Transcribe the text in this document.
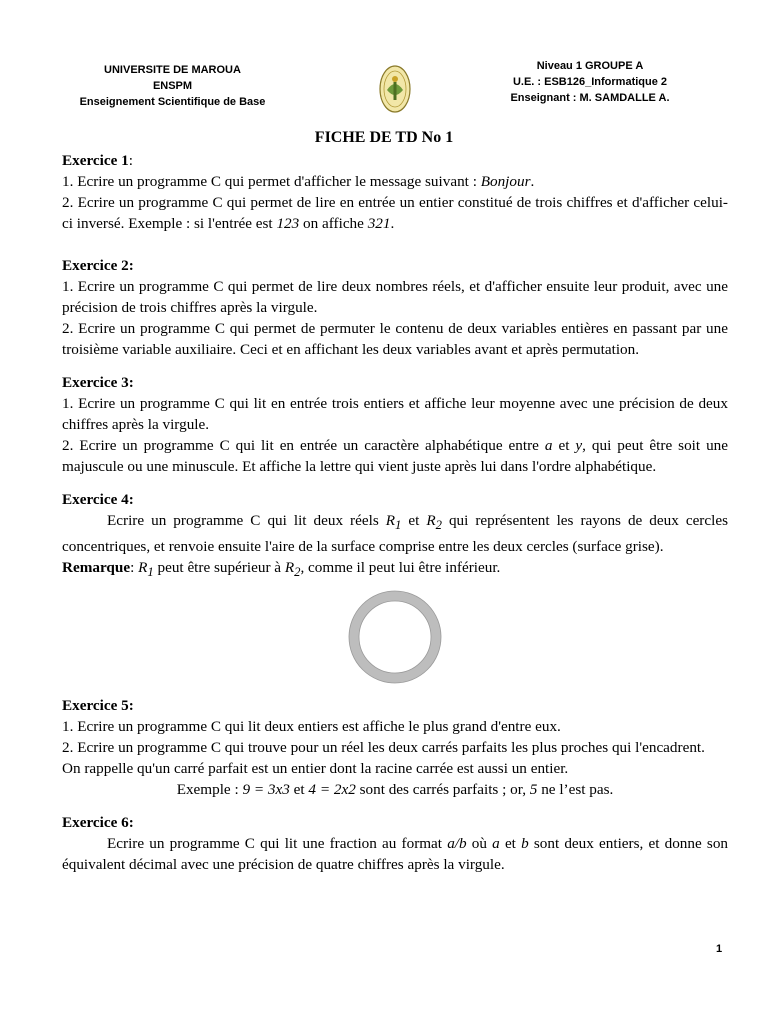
UNIVERSITE DE MAROUA
ENSPM
Enseignement Scientifique de Base
Niveau 1 GROUPE A
U.E. : ESB126_Informatique 2
Enseignant : M. SAMDALLE A.
FICHE DE TD No 1

Exercice 1:

1. Ecrire un programme C qui permet d'afficher le message suivant : Bonjour.

2. Ecrire un programme C qui permet de lire en entrée un entier constitué de trois chiffres et d'afficher celui-ci inversé. Exemple : si l'entrée est 123 on affiche 321.

Exercice 2:

1. Ecrire un programme C qui permet de lire deux nombres réels, et d'afficher ensuite leur produit, avec une précision de trois chiffres après la virgule.

2. Ecrire un programme C qui permet de permuter le contenu de deux variables entières en passant par une troisième variable auxiliaire. Ceci et en affichant les deux variables avant et après permutation.

Exercice 3:

1. Ecrire un programme C qui lit en entrée trois entiers et affiche leur moyenne avec une précision de deux chiffres après la virgule.

2. Ecrire un programme C qui lit en entrée un caractère alphabétique entre a et y, qui peut être soit une majuscule ou une minuscule. Et affiche la lettre qui vient juste après lui dans l'ordre alphabétique.

Exercice 4:

Ecrire un programme C qui lit deux réels $R_1$ et $R_2$ qui représentent les rayons de deux cercles concentriques, et renvoie ensuite l'aire de la surface comprise entre les deux cercles (surface grise).

Remarque: $R_1$ peut être supérieur à $R_2$, comme il peut lui être inférieur.

Exercice 5:

1. Ecrire un programme C qui lit deux entiers est affiche le plus grand d'entre eux.

2. Ecrire un programme C qui trouve pour un réel les deux carrés parfaits les plus proches qui l'encadrent.

On rappelle qu'un carré parfait est un entier dont la racine carrée est aussi un entier.

Exemple : 9 = 3x3 et 4 = 2x2 sont des carrés parfaits ; or, 5 ne l’est pas.

Exercice 6:

Ecrire un programme C qui lit une fraction au format a/b où a et b sont deux entiers, et donne son équivalent décimal avec une précision de quatre chiffres après la virgule.

1
